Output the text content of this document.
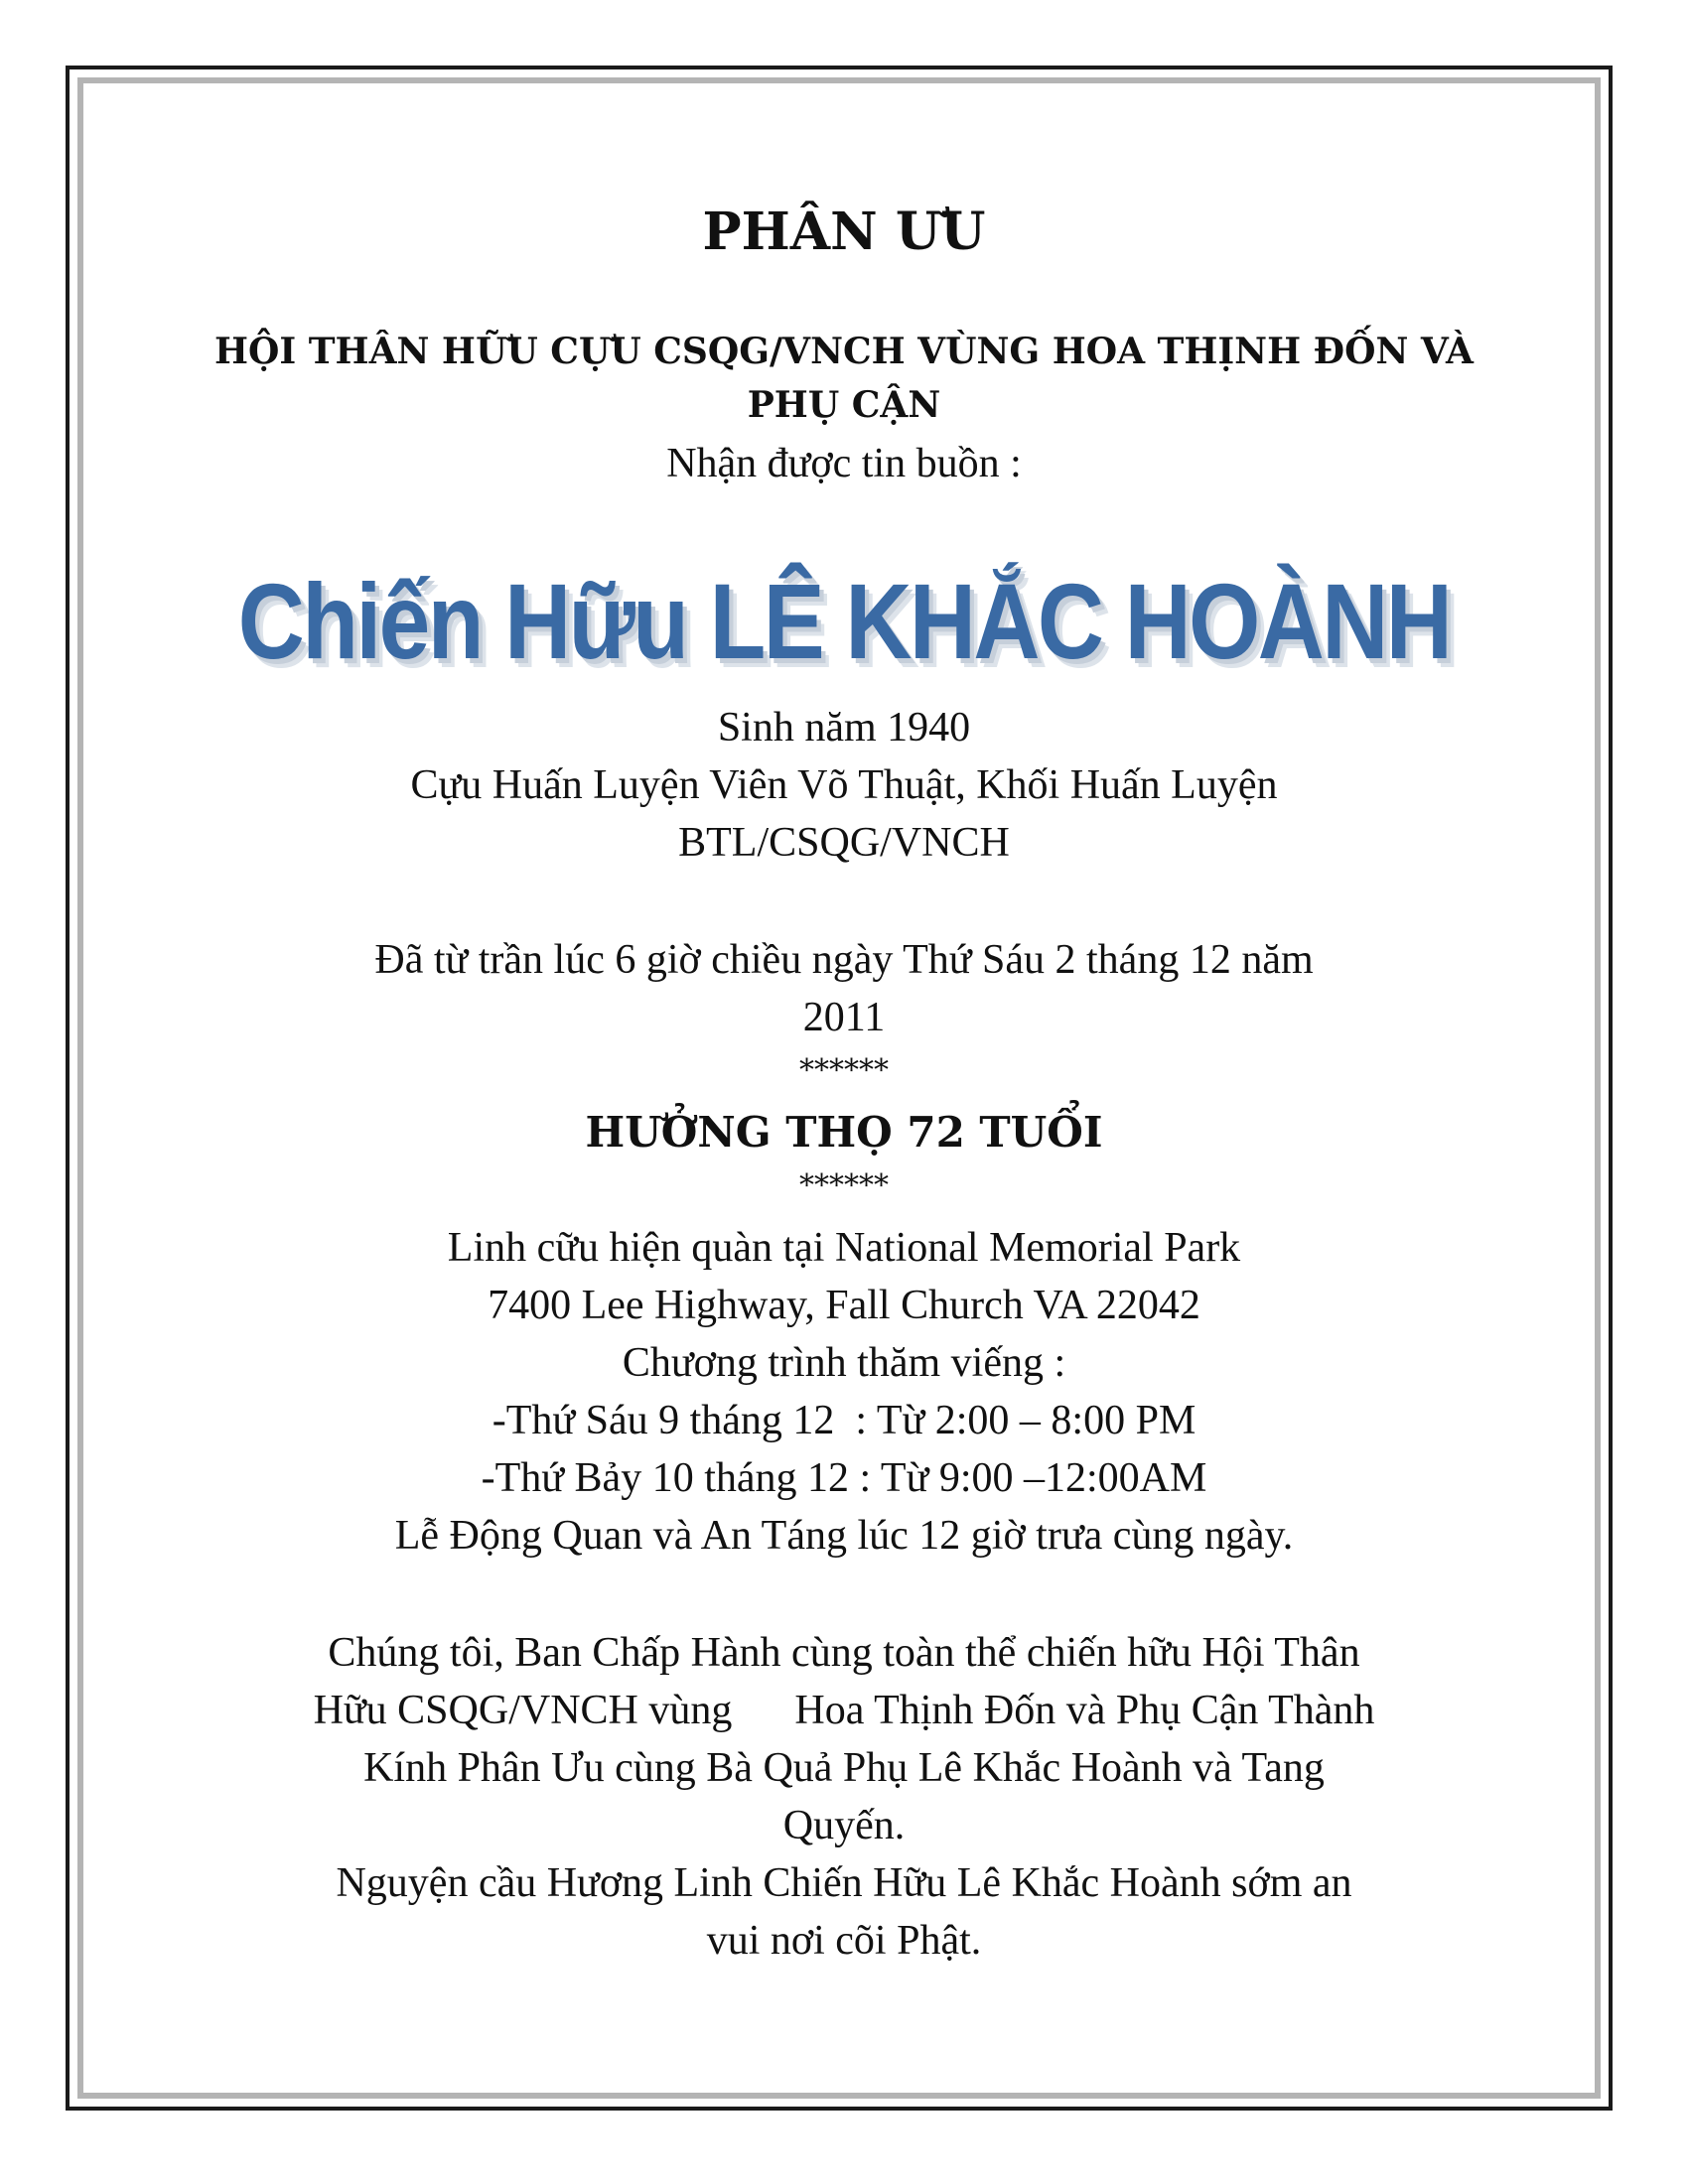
PHÂN ƯU
HỘI THÂN HỮU CỰU CSQG/VNCH VÙNG HOA THỊNH ĐỐN VÀ
PHỤ CẬN
Nhận được tin buồn :
Chiến Hữu LÊ KHẮC HOÀNH
Sinh năm 1940
Cựu Huấn Luyện Viên Võ Thuật, Khối Huấn Luyện
BTL/CSQG/VNCH
Đã từ trần lúc 6 giờ chiều ngày Thứ Sáu 2 tháng 12 năm
2011
******
HƯỞNG THỌ 72 TUỔI
******
Linh cữu hiện quàn tại National Memorial Park
7400 Lee Highway, Fall Church VA 22042
Chương trình thăm viếng :
-Thứ Sáu 9 tháng 12  : Từ 2:00 – 8:00 PM
-Thứ Bảy 10 tháng 12 : Từ 9:00 –12:00AM
Lễ Động Quan và An Táng lúc 12 giờ trưa cùng ngày.
Chúng tôi, Ban Chấp Hành cùng toàn thể chiến hữu Hội Thân
Hữu CSQG/VNCH vùng      Hoa Thịnh Đốn và Phụ Cận Thành
Kính Phân Ưu cùng Bà Quả Phụ Lê Khắc Hoành và Tang
Quyến.
Nguyện cầu Hương Linh Chiến Hữu Lê Khắc Hoành sớm an
vui nơi cõi Phật.
